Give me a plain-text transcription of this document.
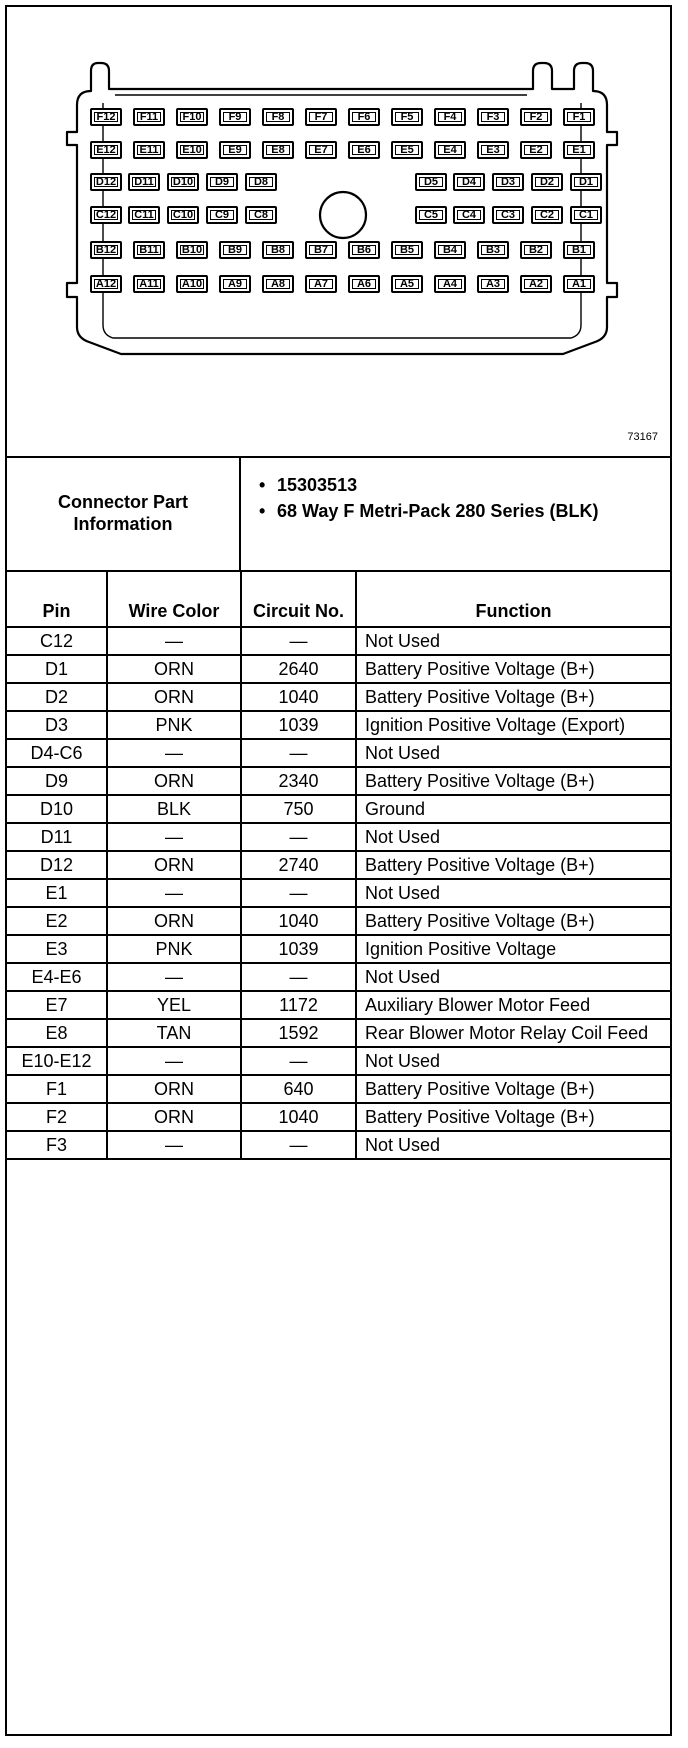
F12	F11	F10	F9	F8	F7	F6	F5	F4	F3	F2	F1
E12	E11	E10	E9	E8	E7	E6	E5	E4	E3	E2	E1
D12	D11	D10	D9	D8	D5	D4	D3	D2	D1
C12	C11	C10	C9	C8	C5	C4	C3	C2	C1
B12	B11	B10	B9	B8	B7	B6	B5	B4	B3	B2	B1
A12	A11	A10	A9	A8	A7	A6	A5	A4	A3	A2	A1
73167
Connector Part Information
• 15303513
• 68 Way F Metri-Pack 280 Series (BLK)
Pin	Wire Color	Circuit No.	Function
C12	—	—	Not Used
D1	ORN	2640	Battery Positive Voltage (B+)
D2	ORN	1040	Battery Positive Voltage (B+)
D3	PNK	1039	Ignition Positive Voltage (Export)
D4-C6	—	—	Not Used
D9	ORN	2340	Battery Positive Voltage (B+)
D10	BLK	750	Ground
D11	—	—	Not Used
D12	ORN	2740	Battery Positive Voltage (B+)
E1	—	—	Not Used
E2	ORN	1040	Battery Positive Voltage (B+)
E3	PNK	1039	Ignition Positive Voltage
E4-E6	—	—	Not Used
E7	YEL	1172	Auxiliary Blower Motor Feed
E8	TAN	1592	Rear Blower Motor Relay Coil Feed
E10-E12	—	—	Not Used
F1	ORN	640	Battery Positive Voltage (B+)
F2	ORN	1040	Battery Positive Voltage (B+)
F3	—	—	Not Used
